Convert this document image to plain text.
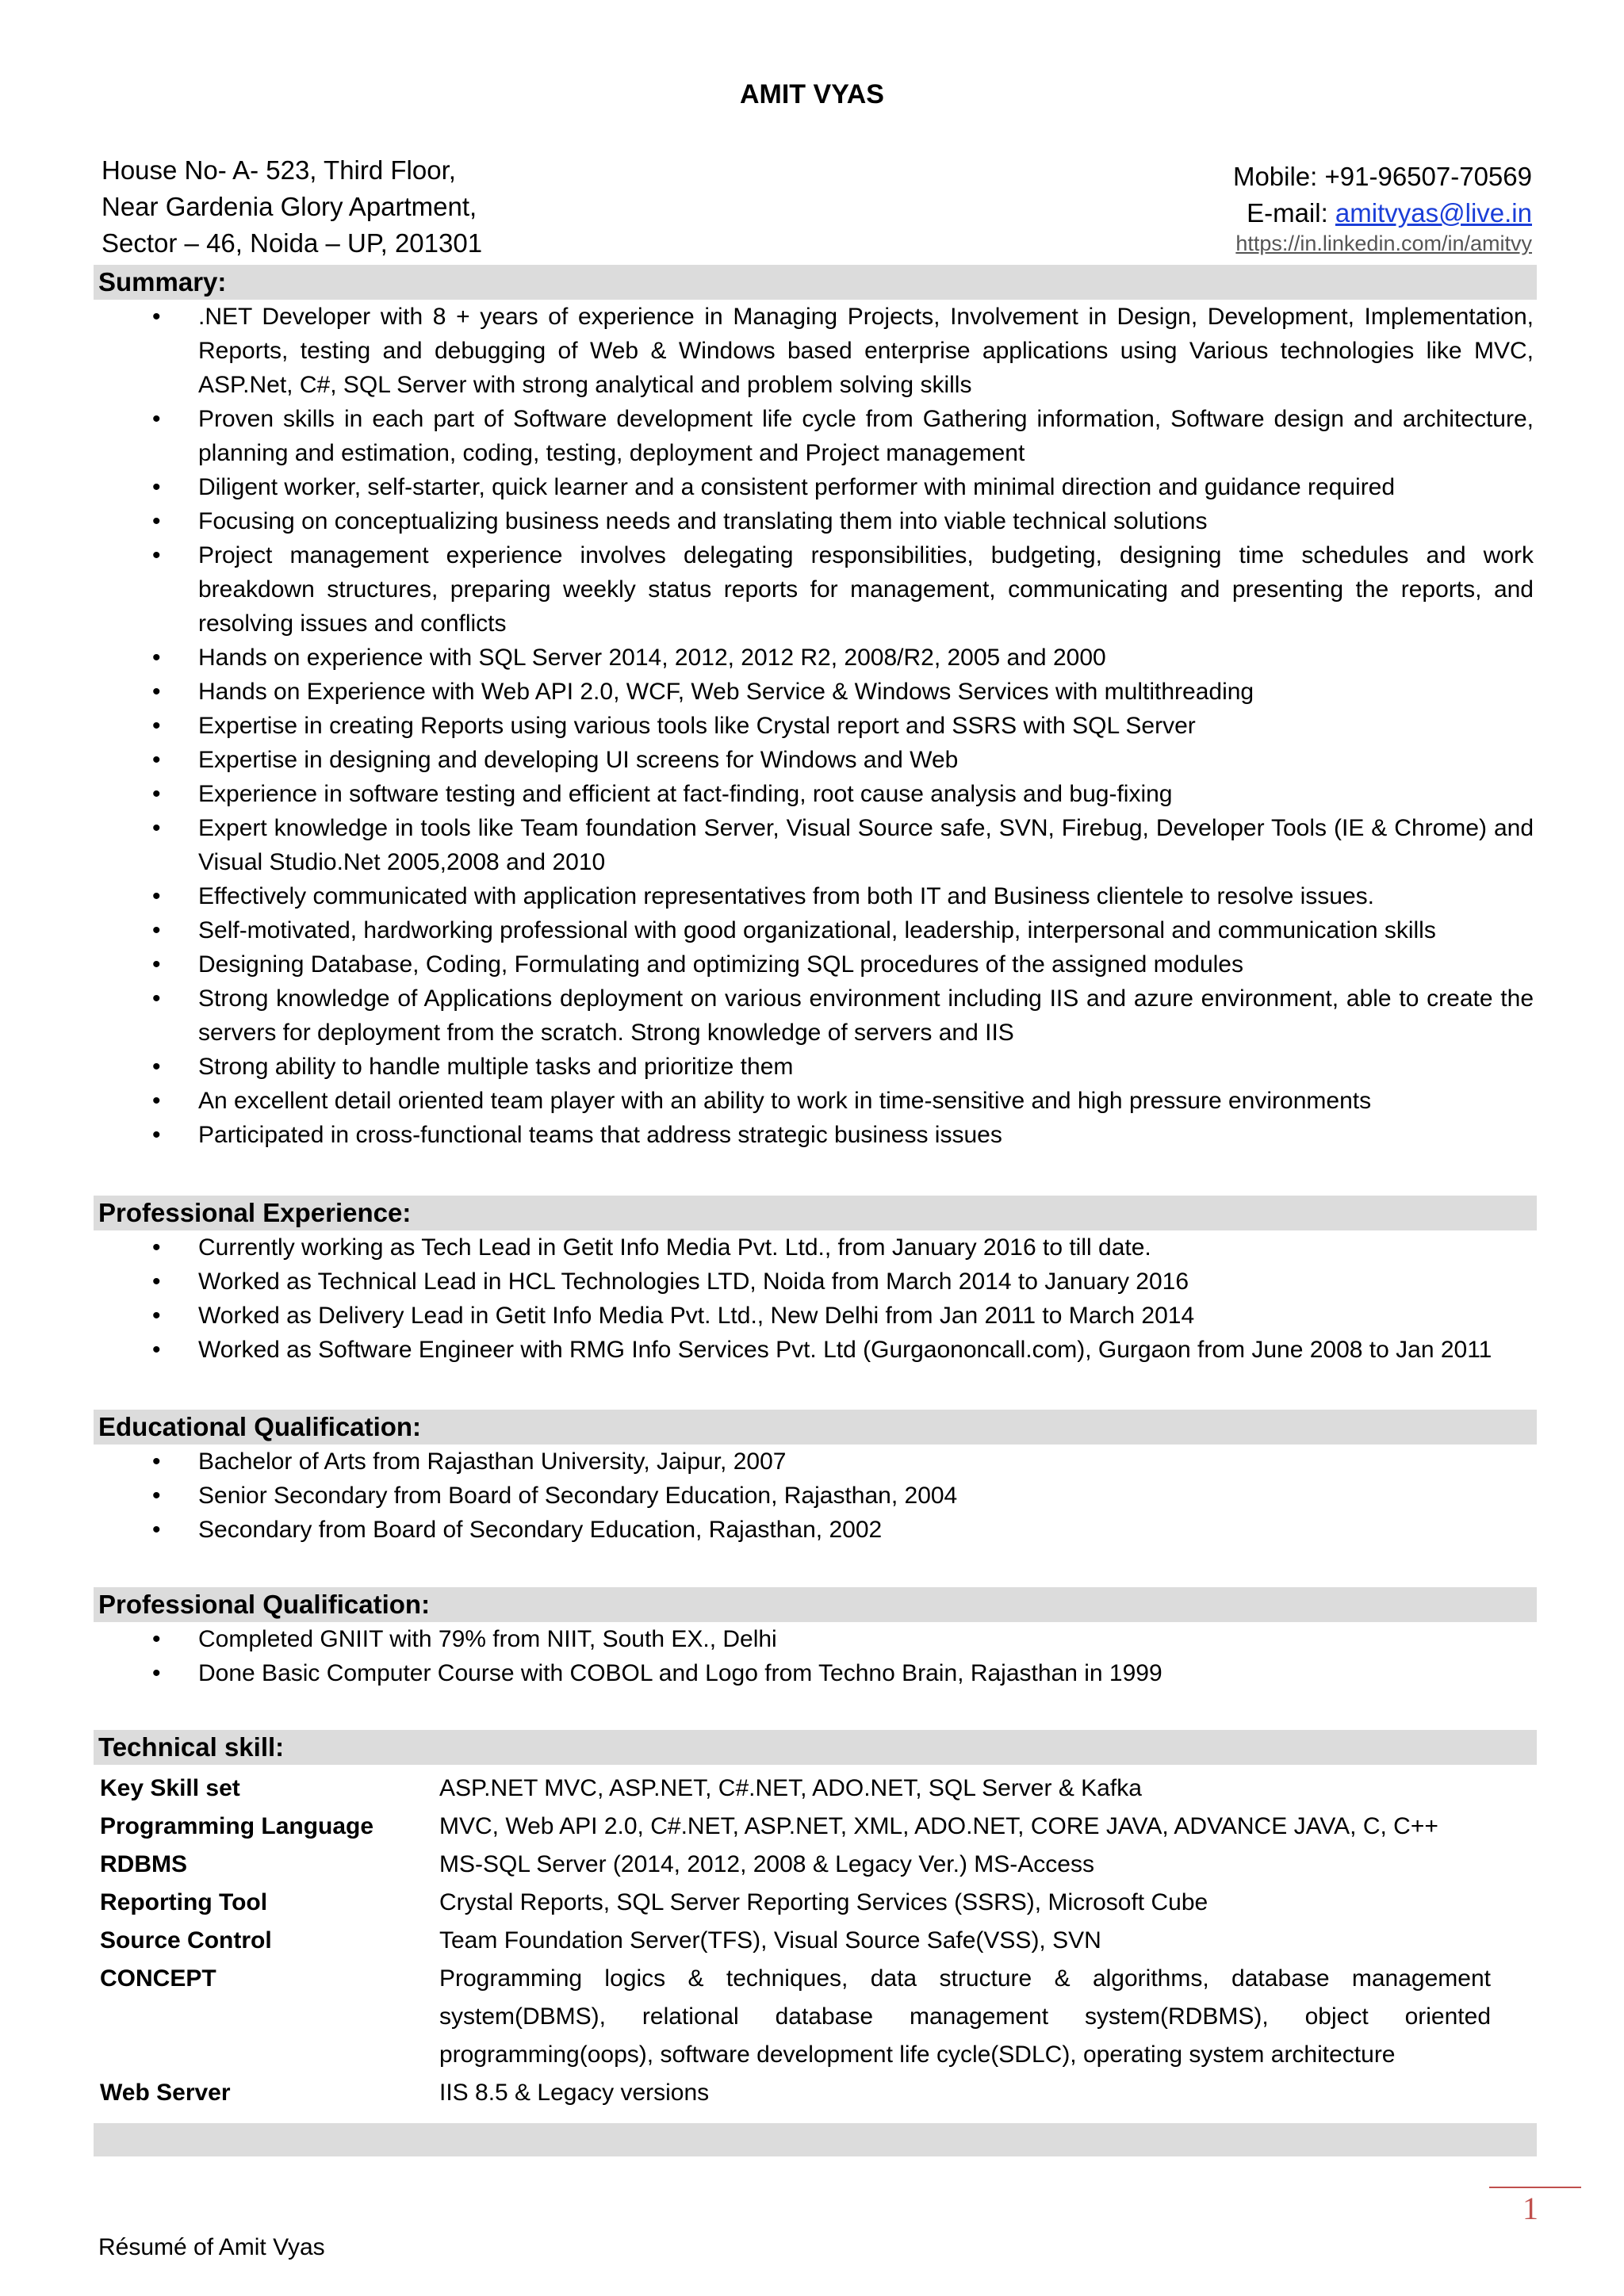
AMIT VYAS
House No- A- 523, Third Floor,
Near Gardenia Glory Apartment,
Sector – 46, Noida – UP, 201301
Mobile: +91-96507-70569
E-mail: amitvyas@live.in
https://in.linkedin.com/in/amitvy
Summary:
• .NET Developer with 8 + years of experience in Managing Projects, Involvement in Design, Development, Implementation, Reports, testing and debugging of Web & Windows based enterprise applications using Various technologies like MVC, ASP.Net, C#, SQL Server with strong analytical and problem solving skills
• Proven skills in each part of Software development life cycle from Gathering information, Software design and architecture, planning and estimation, coding, testing, deployment and Project management
• Diligent worker, self-starter, quick learner and a consistent performer with minimal direction and guidance required
• Focusing on conceptualizing business needs and translating them into viable technical solutions
• Project management experience involves delegating responsibilities, budgeting, designing time schedules and work breakdown structures, preparing weekly status reports for management, communicating and presenting the reports, and resolving issues and conflicts
• Hands on experience with SQL Server 2014, 2012, 2012 R2, 2008/R2, 2005 and 2000
• Hands on Experience with Web API 2.0, WCF, Web Service & Windows Services with multithreading
• Expertise in creating Reports using various tools like Crystal report and SSRS with SQL Server
• Expertise in designing and developing UI screens for Windows and Web
• Experience in software testing and efficient at fact-finding, root cause analysis and bug-fixing
• Expert knowledge in tools like Team foundation Server, Visual Source safe, SVN, Firebug, Developer Tools (IE & Chrome) and Visual Studio.Net 2005,2008 and 2010
• Effectively communicated with application representatives from both IT and Business clientele to resolve issues.
• Self-motivated, hardworking professional with good organizational, leadership, interpersonal and communication skills
• Designing Database, Coding, Formulating and optimizing SQL procedures of the assigned modules
• Strong knowledge of Applications deployment on various environment including IIS and azure environment, able to create the servers for deployment from the scratch. Strong knowledge of servers and IIS
• Strong ability to handle multiple tasks and prioritize them
• An excellent detail oriented team player with an ability to work in time-sensitive and high pressure environments
• Participated in cross-functional teams that address strategic business issues
Professional Experience:
• Currently working as Tech Lead in Getit Info Media Pvt. Ltd., from January 2016 to till date.
• Worked as Technical Lead in HCL Technologies LTD, Noida from March 2014 to January 2016
• Worked as Delivery Lead in Getit Info Media Pvt. Ltd., New Delhi from Jan 2011 to March 2014
• Worked as Software Engineer with RMG Info Services Pvt. Ltd (Gurgaononcall.com), Gurgaon from June 2008 to Jan 2011
Educational Qualification:
• Bachelor of Arts from Rajasthan University, Jaipur, 2007
• Senior Secondary from Board of Secondary Education, Rajasthan, 2004
• Secondary from Board of Secondary Education, Rajasthan, 2002
Professional Qualification:
• Completed GNIIT with 79% from NIIT, South EX., Delhi
• Done Basic Computer Course with COBOL and Logo from Techno Brain, Rajasthan in 1999
Technical skill:
Key Skill set	ASP.NET MVC, ASP.NET, C#.NET, ADO.NET, SQL Server & Kafka
Programming Language	MVC, Web API 2.0, C#.NET, ASP.NET, XML, ADO.NET, CORE JAVA, ADVANCE JAVA, C, C++
RDBMS	MS-SQL Server (2014, 2012, 2008 & Legacy Ver.) MS-Access
Reporting Tool	Crystal Reports, SQL Server Reporting Services (SSRS), Microsoft Cube
Source Control	Team Foundation Server(TFS), Visual Source Safe(VSS), SVN
CONCEPT	Programming logics & techniques, data structure & algorithms, database management system(DBMS), relational database management system(RDBMS), object oriented programming(oops), software development life cycle(SDLC), operating system architecture
Web Server	IIS 8.5 & Legacy versions
1
Résumé of Amit Vyas
